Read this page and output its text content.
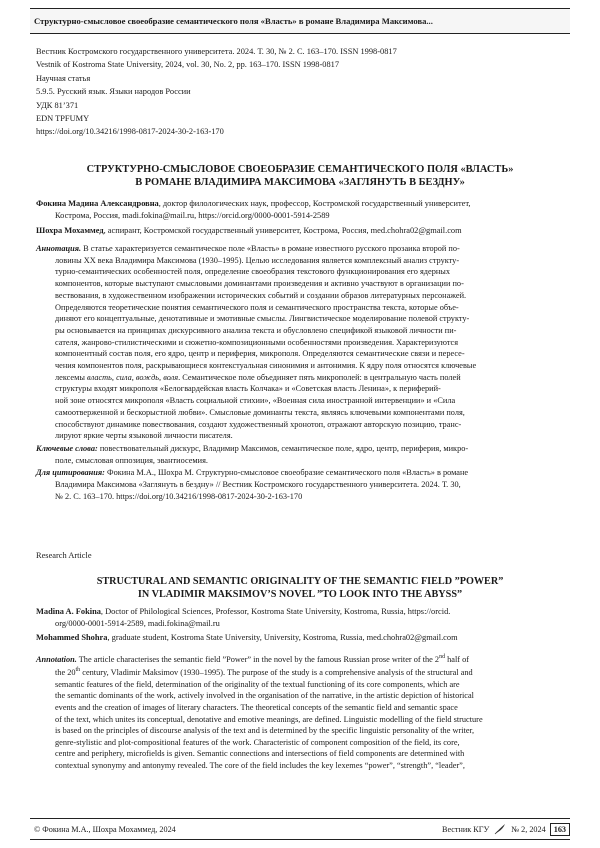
Структурно-смысловое своеобразие семантического поля «Власть» в романе Владимира Максимова...
Вестник Костромского государственного университета. 2024. Т. 30, № 2. С. 163–170. ISSN 1998-0817
Vestnik of Kostroma State University, 2024, vol. 30, No. 2, pp. 163–170. ISSN 1998-0817
Научная статья
5.9.5. Русский язык. Языки народов России
УДК 81’371
EDN TPFUMY
https://doi.org/10.34216/1998-0817-2024-30-2-163-170
СТРУКТУРНО-СМЫСЛОВОЕ СВОЕОБРАЗИЕ СЕМАНТИЧЕСКОГО ПОЛЯ «ВЛАСТЬ»
В РОМАНЕ ВЛАДИМИРА МАКСИМОВА «ЗАГЛЯНУТЬ В БЕЗДНУ»
Фокина Мадина Александровна, доктор филологических наук, профессор, Костромской государственный университет,
Кострома, Россия, madi.fokina@mail.ru, https://orcid.org/0000-0001-5914-2589
Шохра Мохаммед, аспирант, Костромской государственный университет, Кострома, Россия, med.chohra02@gmail.com
Аннотация. В статье характеризуется семантическое поле «Власть» в романе известного русского прозаика второй по-
ловины XX века Владимира Максимова (1930–1995). Целью исследования является комплексный анализ структу-
турно-семантических особенностей поля, определение своеобразия текстового функционирования его ядерных
компонентов, которые выступают смысловыми доминантами произведения и активно участвуют в организации по-
вествования, в художественном изображении исторических событий и создании образов литературных персонажей.
Определяются теоретические понятия семантического поля и семантического пространства текста, которые объе-
диняют его концептуальные, денотативные и эмотивные смыслы. Лингвистическое моделирование полевой структу-
ры основывается на принципах дискурсивного анализа текста и обусловлено спецификой языковой личности пи-
сателя, жанрово-стилистическими и сюжетно-композиционными особенностями произведения. Характеризуются
компонентный состав поля, его ядро, центр и периферия, микрополя. Определяются семантические связи и пересе-
чения компонентов поля, раскрывающиеся контекстуальная синонимия и антонимия. К ядру поля относятся ключевые
лексемы власть, сила, вождь, воля. Семантическое поле объединяет пять микрополей: в центральную часть полей
структуры входят микрополя «Белогвардейская власть Колчака» и «Советская власть Ленина», к периферий-
ной зоне относятся микрополя «Власть социальной стихии», «Военная сила иностранной интервенции» и «Сила
самоотверженной и бескорыстной любви». Смысловые доминанты текста, являясь ключевыми компонентами поля,
способствуют динамике повествования, создают художественный хронотоп, отражают авторскую позицию, транс-
лируют яркие черты языковой личности писателя.
Ключевые слова: повествовательный дискурс, Владимир Максимов, семантическое поле, ядро, центр, периферия, микро-
поле, смысловая оппозиция, эвантиосемия.
Для цитирования: Фокина М.А., Шохра М. Структурно-смысловое своеобразие семантического поля «Власть» в романе
Владимира Максимова «Заглянуть в бездну» // Вестник Костромского государственного университета. 2024. Т. 30,
№ 2. С. 163–170. https://doi.org/10.34216/1998-0817-2024-30-2-163-170
Research Article
STRUCTURAL AND SEMANTIC ORIGINALITY OF THE SEMANTIC FIELD ”POWER”
IN VLADIMIR MAKSIMOV’S NOVEL ”TO LOOK INTO THE ABYSS”
Madina A. Fokina, Doctor of Philological Sciences, Professor, Kostroma State University, Kostroma, Russia, https://orcid.
org/0000-0001-5914-2589, madi.fokina@mail.ru
Mohammed Shohra, graduate student, Kostroma State University, University, Kostroma, Russia, med.chohra02@gmail.com
Annotation. The article characterises the semantic field ”Power” in the novel by the famous Russian prose writer of the 2nd half of
the 20th century, Vladimir Maksimov (1930–1995). The purpose of the study is a comprehensive analysis of the structural and
semantic features of the field, determination of the originality of the textual functioning of its core components, which are
the semantic dominants of the work, actively involved in the organisation of the narrative, in the artistic depiction of historical
events and the creation of images of literary characters. The theoretical concepts of the semantic field and semantic space
of the text, which unites its conceptual, denotative and emotive meanings, are defined. Linguistic modelling of the field structure
is based on the principles of discourse analysis of the text and is determined by the specific linguistic personality of the writer,
genre-stylistic and plot-compositional features of the work. Characteristic of component composition of the field, its core,
centre and periphery, microfields is given. Semantic connections and intersections of field components are determined with
contextual synonymy and antonymy revealed. The core of the field includes the key lexemes “power”, “strength”, “leader”,
© Фокина М.А., Шохра Мохаммед, 2024	Вестник КГУ	№ 2, 2024 163
